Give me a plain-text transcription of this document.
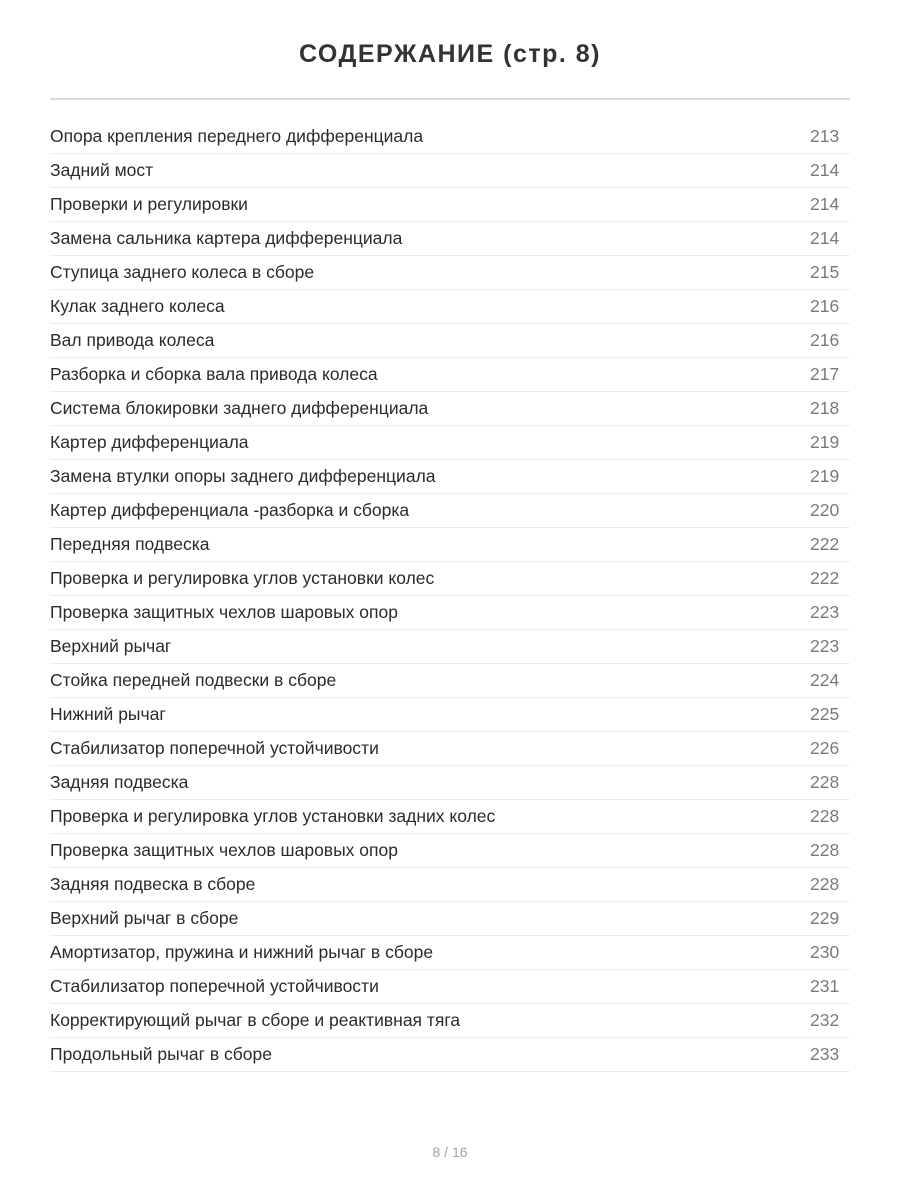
СОДЕРЖАНИЕ (стр. 8)
Опора крепления переднего дифференциала	213
Задний мост	214
Проверки и регулировки	214
Замена сальника картера дифференциала	214
Ступица заднего колеса в сборе	215
Кулак заднего колеса	216
Вал привода колеса	216
Разборка и сборка вала привода колеса	217
Система блокировки заднего дифференциала	218
Картер дифференциала	219
Замена втулки опоры заднего дифференциала	219
Картер дифференциала -разборка и сборка	220
Передняя подвеска	222
Проверка и регулировка углов установки колес	222
Проверка защитных чехлов шаровых опор	223
Верхний рычаг	223
Стойка передней подвески в сборе	224
Нижний рычаг	225
Стабилизатор поперечной устойчивости	226
Задняя подвеска	228
Проверка и регулировка углов установки задних колес	228
Проверка защитных чехлов шаровых опор	228
Задняя подвеска в сборе	228
Верхний рычаг в сборе	229
Амортизатор, пружина и нижний рычаг в сборе	230
Стабилизатор поперечной устойчивости	231
Корректирующий рычаг в сборе и реактивная тяга	232
Продольный рычаг в сборе	233
8 / 16
